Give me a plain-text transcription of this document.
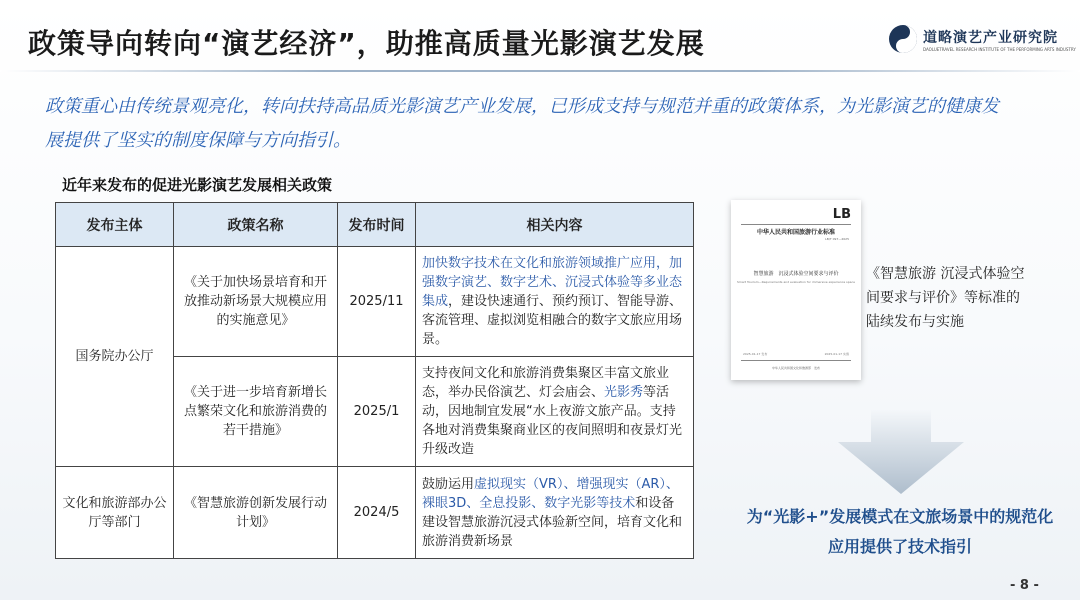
政策导向转向“演艺经济”，助推高质量光影演艺发展	道略演艺产业研究院
DAOLUETRAVEL RESEARCH INSTITUTE OF THE PERFORMING ARTS INDUSTRY
政策重心由传统景观亮化，转向扶持高品质光影演艺产业发展，已形成支持与规范并重的政策体系，为光影演艺的健康发展提供了坚实的制度保障与方向指引。
近年来发布的促进光影演艺发展相关政策
发布主体	政策名称	发布时间	相关内容
国务院办公厅	《关于加快场景培育和开放推动新场景大规模应用的实施意见》	2025/11	加快数字技术在文化和旅游领域推广应用，加强数字演艺、数字艺术、沉浸式体验等多业态集成，建设快速通行、预约预订、智能导游、客流管理、虚拟浏览相融合的数字文旅应用场景。
	《关于进一步培育新增长点繁荣文化和旅游消费的若干措施》	2025/1	支持夜间文化和旅游消费集聚区丰富文旅业态，举办民俗演艺、灯会庙会、光影秀等活动，因地制宜发展“水上夜游文旅产品。支持各地对消费集聚商业区的夜间照明和夜景灯光升级改造
文化和旅游部办公厅等部门	《智慧旅游创新发展行动计划》	2024/5	鼓励运用虚拟现实（VR）、增强现实（AR）、裸眼3D、全息投影、数字光影等技术和设备建设智慧旅游沉浸式体验新空间，培育文化和旅游消费新场景
LB
中华人民共和国旅游行业标准
LB/T 097—2025
智慧旅游　沉浸式体验空间要求与评价
Smart Tourism—Requirements and evaluation for immersive experience space
2025-01-17 发布	2025-01-17 实施
中华人民共和国文化和旅游部　发布
《智慧旅游 沉浸式体验空间要求与评价》等标准的陆续发布与实施
为“光影+”发展模式在文旅场景中的规范化应用提供了技术指引
- 8 -
